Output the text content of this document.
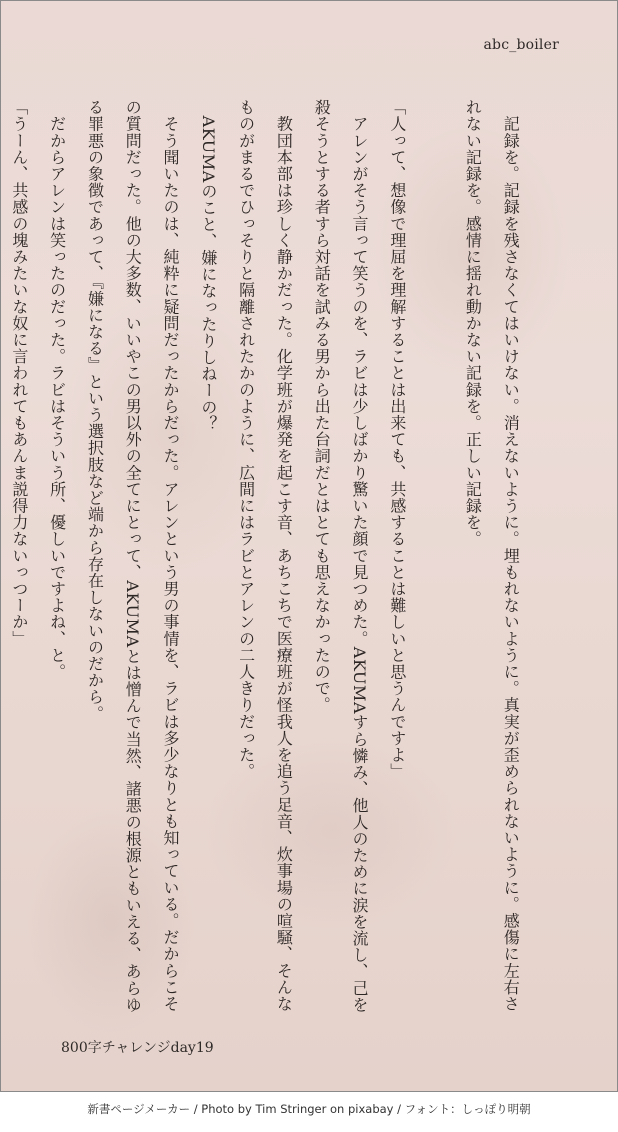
abc_boiler

　記録を。記録を残さなくてはいけない。消えないように。埋もれないように。真実が歪められないように。感傷に左右されない記録を。感情に揺れ動かない記録を。正しい記録を。

「人って、想像で理屈を理解することは出来ても、共感することは難しいと思うんですよ」
　アレンがそう言って笑うのを、ラビは少しばかり驚いた顔で見つめた。AKUMAすら憐み、他人のために涙を流し、己を殺そうとする者すら対話を試みる男から出た台詞だとはとても思えなかったので。
　教団本部は珍しく静かだった。化学班が爆発を起こす音、あちこちで医療班が怪我人を追う足音、炊事場の喧騒、そんなものがまるでひっそりと隔離されたかのように、広間にはラビとアレンの二人きりだった。
　AKUMAのこと、嫌になったりしねーの？
　そう聞いたのは、純粋に疑問だったからだった。アレンという男の事情を、ラビは多少なりとも知っている。だからこその質問だった。他の大多数、いいやこの男以外の全てにとって、AKUMAとは憎んで当然、諸悪の根源ともいえる、あらゆる罪悪の象徴であって、『嫌になる』という選択肢など端から存在しないのだから。
　だからアレンは笑ったのだった。ラビはそういう所、優しいですよね、と。
「うーん、共感の塊みたいな奴に言われてもあんま説得力ないっつーか」

800字チャレンジday19
新書ページメーカー / Photo by Tim Stringer on pixabay / フォント：しっぽり明朝
